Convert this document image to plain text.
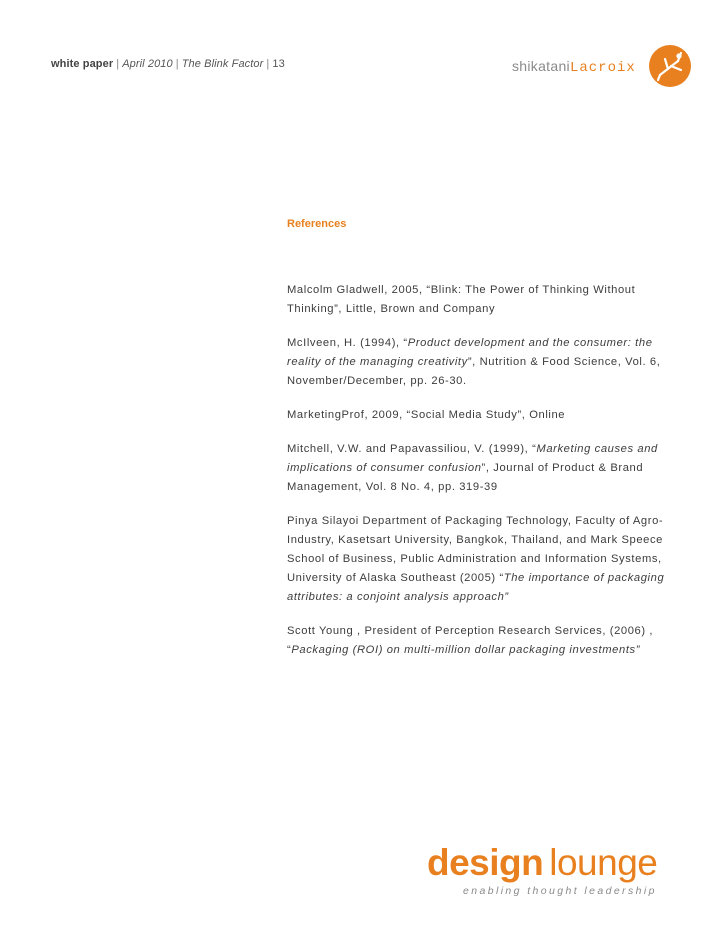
white paper | April 2010 | The Blink Factor | 13	shikataniLacroix
References

Malcolm Gladwell, 2005, “Blink: The Power of Thinking Without Thinking”, Little, Brown and Company

McIlveen, H. (1994), “Product development and the consumer: the reality of the managing creativity”, Nutrition & Food Science, Vol. 6, November/December, pp. 26-30.

MarketingProf, 2009, “Social Media Study”, Online

Mitchell, V.W. and Papavassiliou, V. (1999), “Marketing causes and implications of consumer confusion”, Journal of Product & Brand Management, Vol. 8 No. 4, pp. 319-39

Pinya Silayoi Department of Packaging Technology, Faculty of Agro-Industry, Kasetsart University, Bangkok, Thailand, and Mark Speece School of Business, Public Administration and Information Systems, University of Alaska Southeast (2005) “The importance of packaging attributes: a conjoint analysis approach”

Scott Young , President of Perception Research Services, (2006) , “Packaging (ROI) on multi-million dollar packaging investments”

design lounge
enabling thought leadership
